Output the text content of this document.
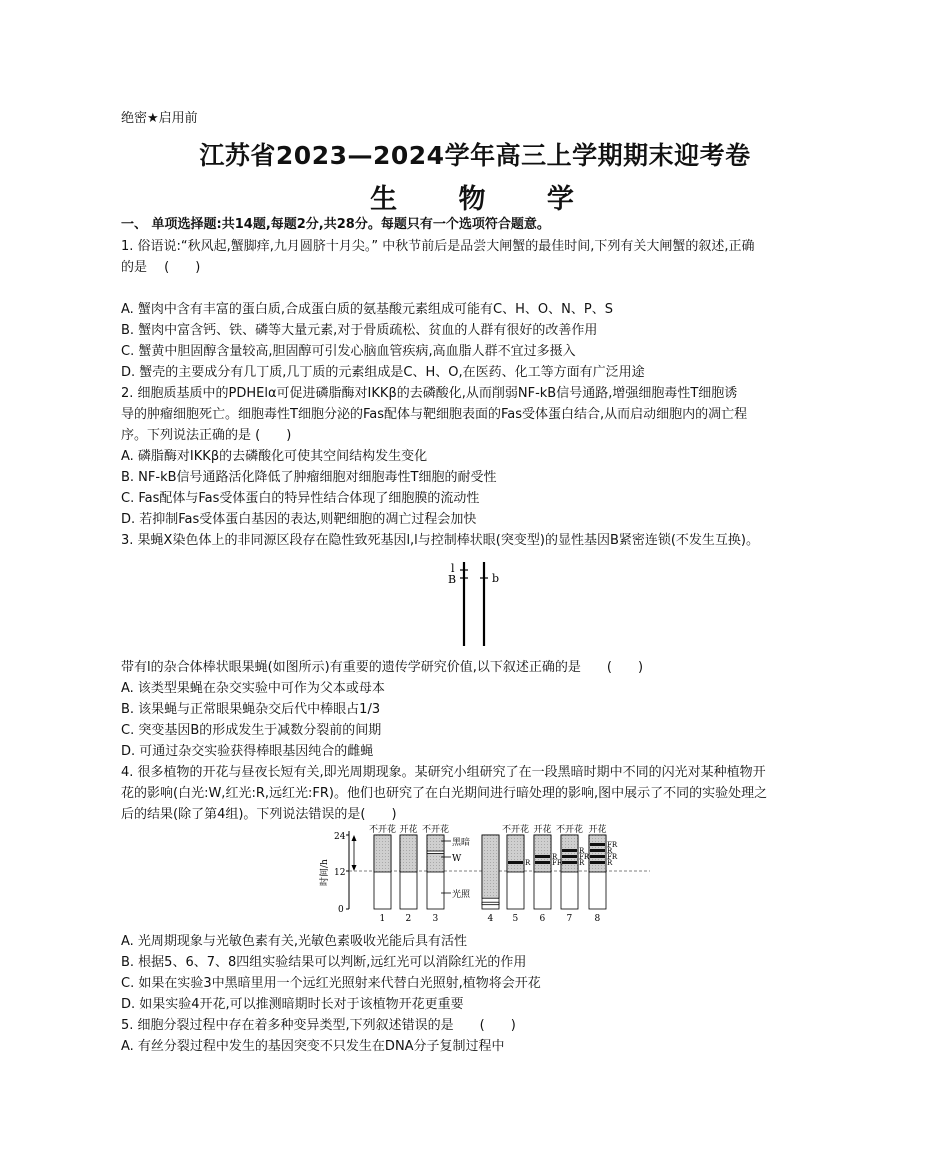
绝密★启用前
江苏省2023—2024学年高三上学期期末迎考卷
生 物 学
一、 单项选择题:共14题,每题2分,共28分。每题只有一个选项符合题意。
1. 俗语说:“秋风起,蟹脚痒,九月圆脐十月尖。” 中秋节前后是品尝大闸蟹的最佳时间,下列有关大闸蟹的叙述,正确
的是　 (　　)
A. 蟹肉中含有丰富的蛋白质,合成蛋白质的氨基酸元素组成可能有C、H、O、N、P、S
B. 蟹肉中富含钙、铁、磷等大量元素,对于骨质疏松、贫血的人群有很好的改善作用
C. 蟹黄中胆固醇含量较高,胆固醇可引发心脑血管疾病,高血脂人群不宜过多摄入
D. 蟹壳的主要成分有几丁质,几丁质的元素组成是C、H、O,在医药、化工等方面有广泛用途
2. 细胞质基质中的PDHElα可促进磷脂酶对IKKβ的去磷酸化,从而削弱NF-kB信号通路,增强细胞毒性T细胞诱
导的肿瘤细胞死亡。细胞毒性T细胞分泌的Fas配体与靶细胞表面的Fas受体蛋白结合,从而启动细胞内的凋亡程
序。下列说法正确的是 (　　)
A. 磷脂酶对IKKβ的去磷酸化可使其空间结构发生变化
B. NF-kB信号通路活化降低了肿瘤细胞对细胞毒性T细胞的耐受性
C. Fas配体与Fas受体蛋白的特异性结合体现了细胞膜的流动性
D. 若抑制Fas受体蛋白基因的表达,则靶细胞的凋亡过程会加快
3. 果蝇X染色体上的非同源区段存在隐性致死基因l,l与控制棒状眼(突变型)的显性基因B紧密连锁(不发生互换)。
l
B	b
带有l的杂合体棒状眼果蝇(如图所示)有重要的遗传学研究价值,以下叙述正确的是　　(　　)
A. 该类型果蝇在杂交实验中可作为父本或母本
B. 该果蝇与正常眼果蝇杂交后代中棒眼占1/3
C. 突变基因B的形成发生于减数分裂前的间期
D. 可通过杂交实验获得棒眼基因纯合的雌蝇
4. 很多植物的开花与昼夜长短有关,即光周期现象。某研究小组研究了在一段黑暗时期中不同的闪光对某种植物开
花的影响(白光:W,红光:R,远红光:FR)。他们也研究了在白光期间进行暗处理的影响,图中展示了不同的实验处理之
后的结果(除了第4组)。下列说法错误的是(　　)
24
12
0
时间/h
1 2 3	4 5 6 7 8
R	FR
R
R
FR
R
R
FR
R
FR
不开花 开花 不开花	不开花 开花 不开花 开花
黑暗
W
光照
A. 光周期现象与光敏色素有关,光敏色素吸收光能后具有活性
B. 根据5、6、7、8四组实验结果可以判断,远红光可以消除红光的作用
C. 如果在实验3中黑暗里用一个远红光照射来代替白光照射,植物将会开花
D. 如果实验4开花,可以推测暗期时长对于该植物开花更重要
5. 细胞分裂过程中存在着多种变异类型,下列叙述错误的是　　(　　)
A. 有丝分裂过程中发生的基因突变不只发生在DNA分子复制过程中
